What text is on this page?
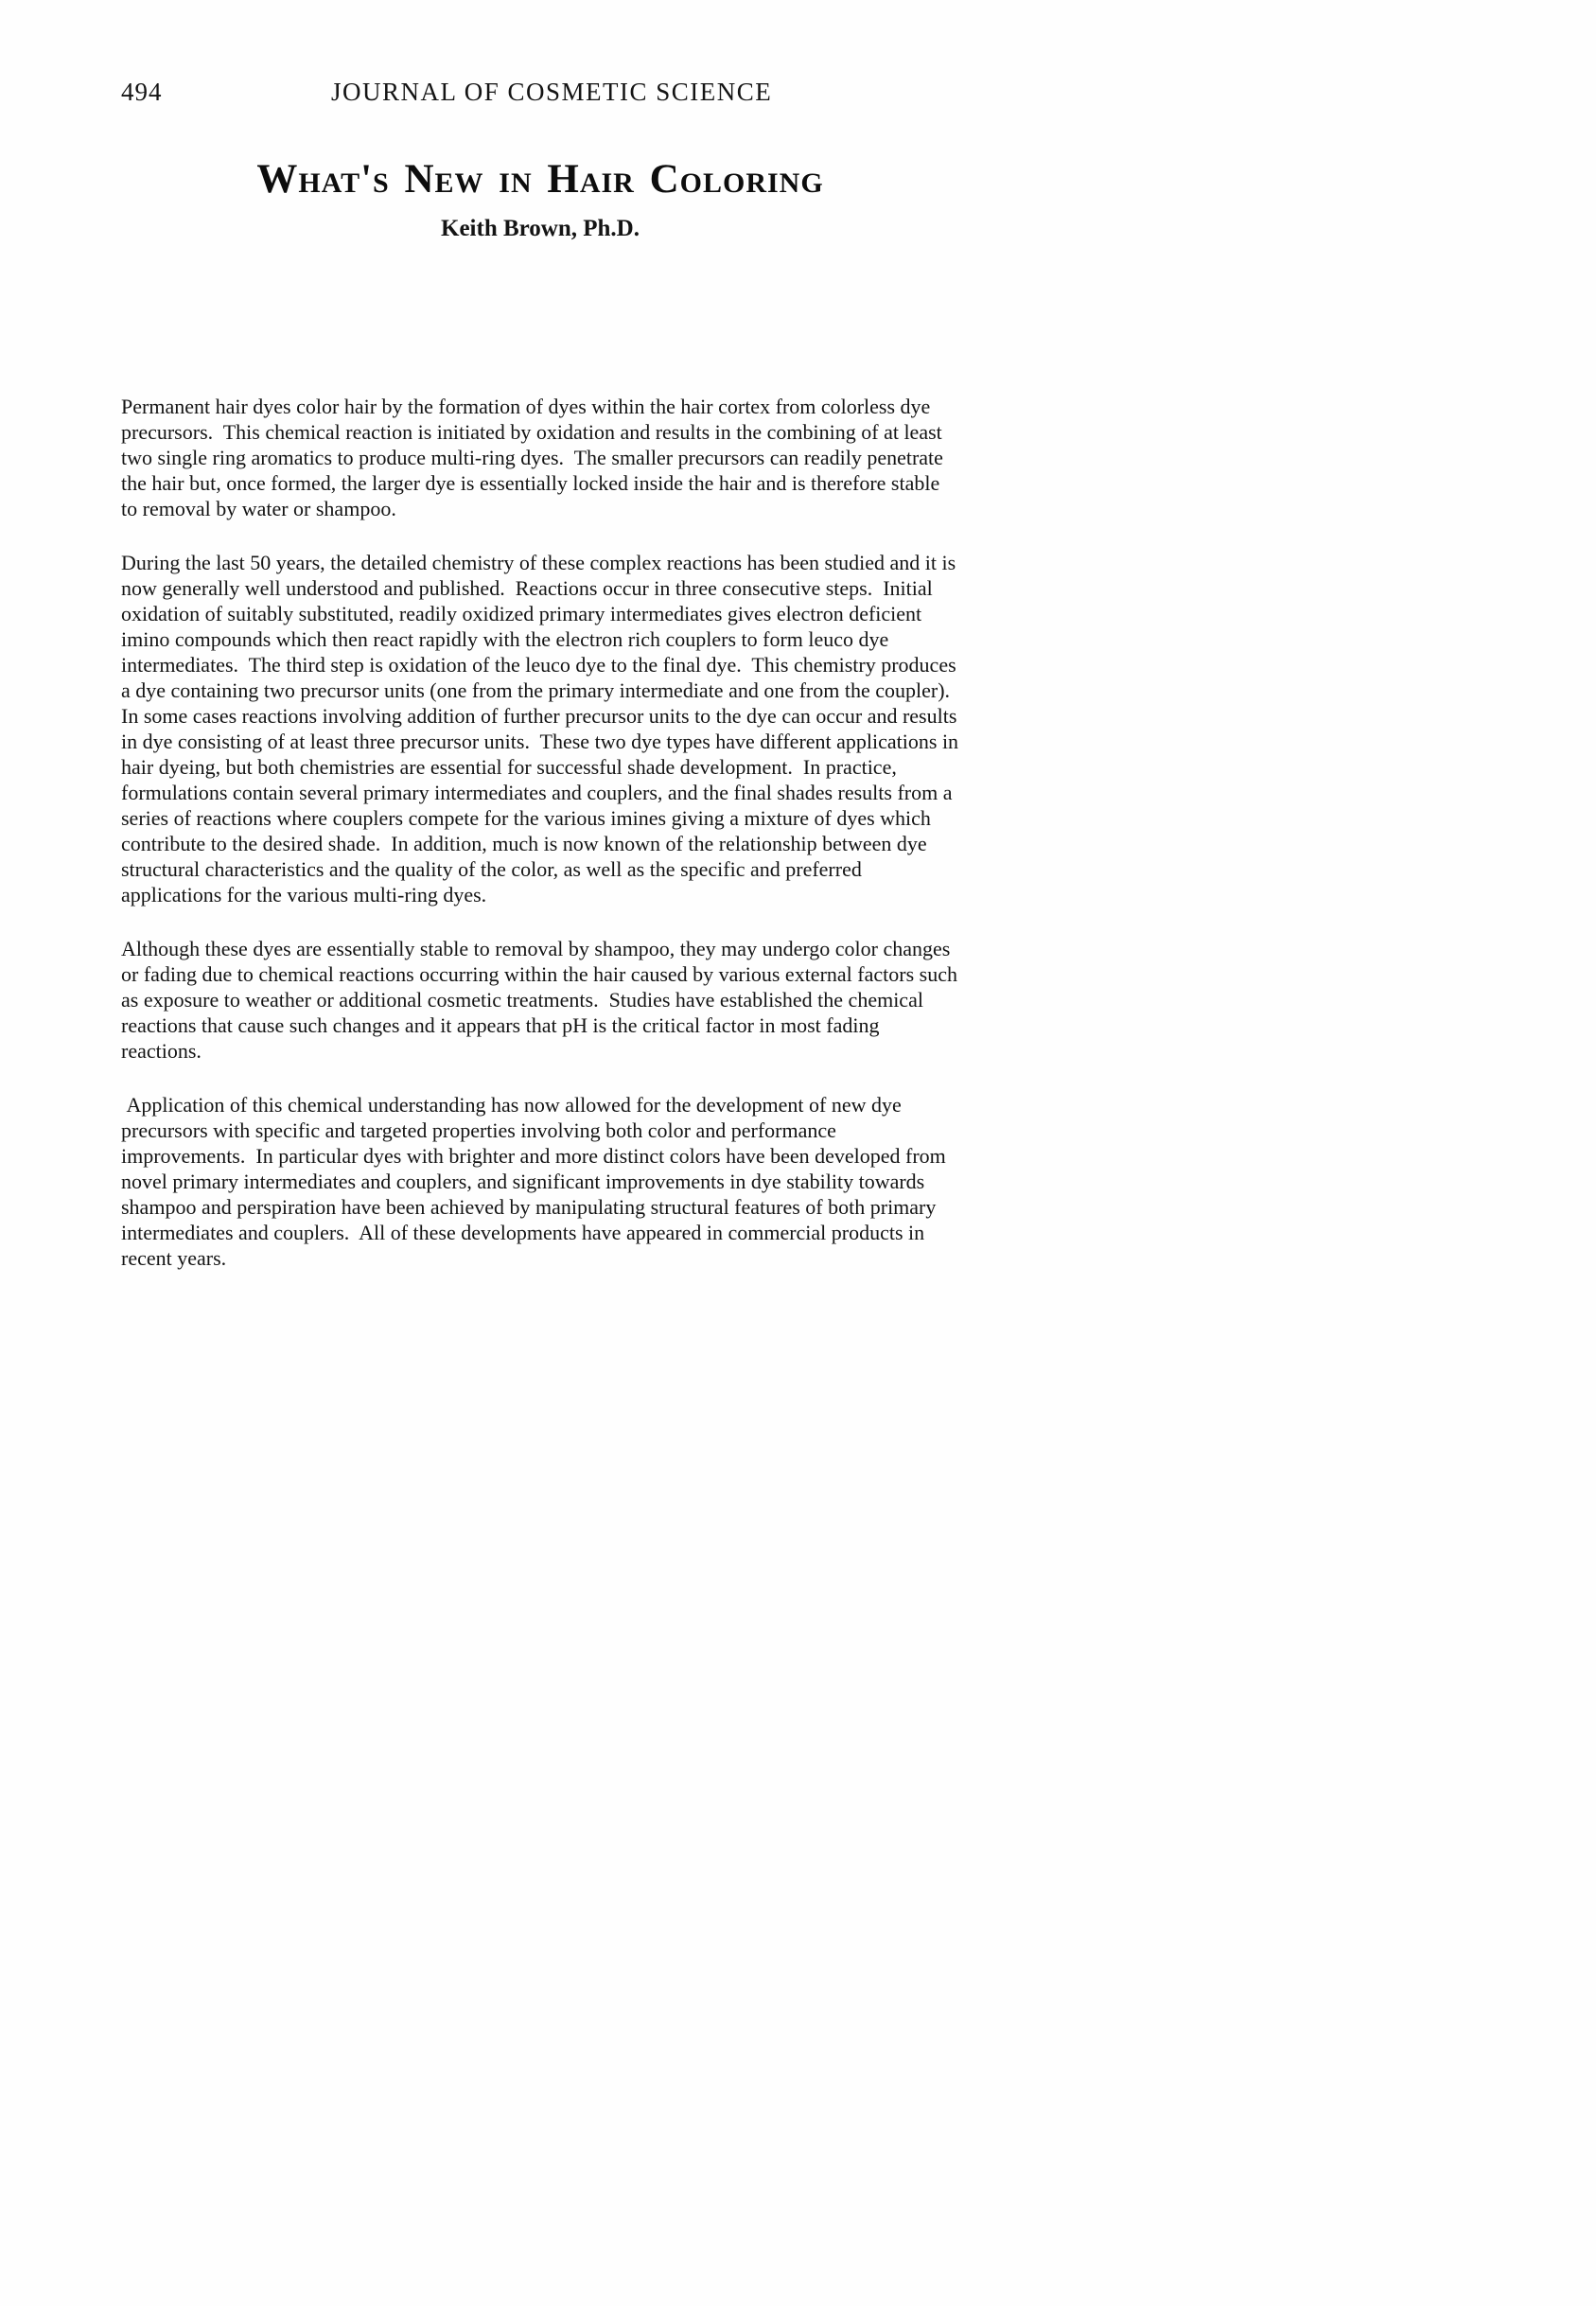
494	JOURNAL OF COSMETIC SCIENCE
What's New in Hair Coloring
Keith Brown, Ph.D.

Permanent hair dyes color hair by the formation of dyes within the hair cortex from colorless dye precursors.  This chemical reaction is initiated by oxidation and results in the combining of at least two single ring aromatics to produce multi-ring dyes.  The smaller precursors can readily penetrate the hair but, once formed, the larger dye is essentially locked inside the hair and is therefore stable to removal by water or shampoo.

During the last 50 years, the detailed chemistry of these complex reactions has been studied and it is now generally well understood and published.  Reactions occur in three consecutive steps.  Initial oxidation of suitably substituted, readily oxidized primary intermediates gives electron deficient imino compounds which then react rapidly with the electron rich couplers to form leuco dye intermediates.  The third step is oxidation of the leuco dye to the final dye.  This chemistry produces a dye containing two precursor units (one from the primary intermediate and one from the coupler).  In some cases reactions involving addition of further precursor units to the dye can occur and results in dye consisting of at least three precursor units.  These two dye types have different applications in hair dyeing, but both chemistries are essential for successful shade development.  In practice, formulations contain several primary intermediates and couplers, and the final shades results from a series of reactions where couplers compete for the various imines giving a mixture of dyes which contribute to the desired shade.  In addition, much is now known of the relationship between dye structural characteristics and the quality of the color, as well as the specific and preferred applications for the various multi-ring dyes.

Although these dyes are essentially stable to removal by shampoo, they may undergo color changes or fading due to chemical reactions occurring within the hair caused by various external factors such as exposure to weather or additional cosmetic treatments.  Studies have established the chemical reactions that cause such changes and it appears that pH is the critical factor in most fading reactions.

Application of this chemical understanding has now allowed for the development of new dye precursors with specific and targeted properties involving both color and performance improvements.  In particular dyes with brighter and more distinct colors have been developed from novel primary intermediates and couplers, and significant improvements in dye stability towards shampoo and perspiration have been achieved by manipulating structural features of both primary intermediates and couplers.  All of these developments have appeared in commercial products in recent years.
